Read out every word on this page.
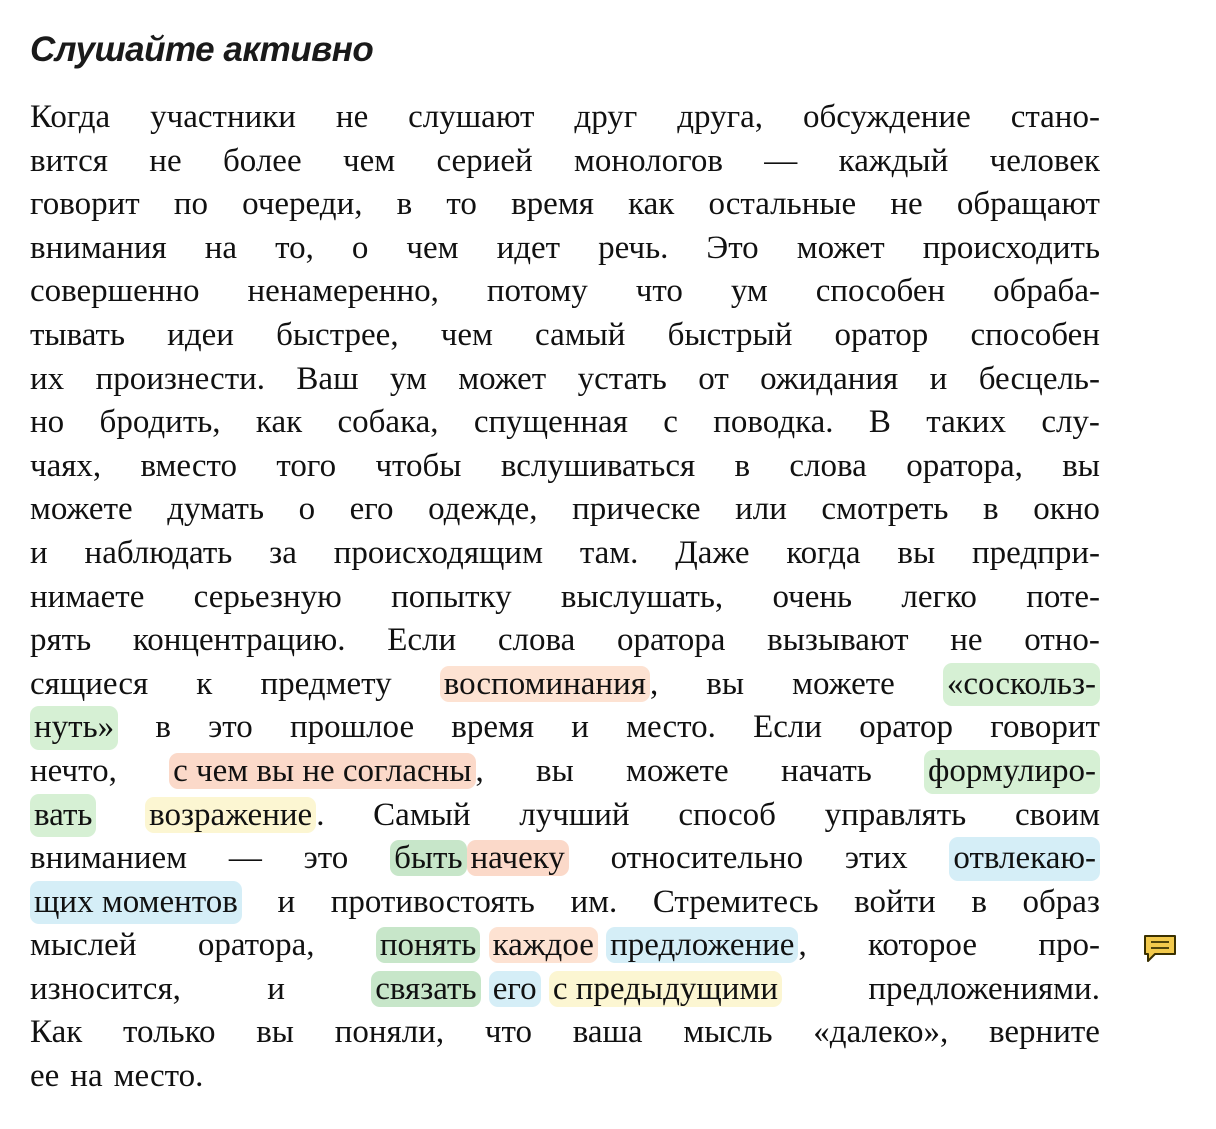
Слушайте активно
Когда участники не слушают друг друга, обсуждение стано-
вится не более чем серией монологов — каждый человек
говорит по очереди, в то время как остальные не обращают
внимания на то, о чем идет речь. Это может происходить
совершенно ненамеренно, потому что ум способен обраба-
тывать идеи быстрее, чем самый быстрый оратор способен
их произнести. Ваш ум может устать от ожидания и бесцель-
но бродить, как собака, спущенная с поводка. В таких слу-
чаях, вместо того чтобы вслушиваться в слова оратора, вы
можете думать о его одежде, прическе или смотреть в окно
и наблюдать за происходящим там. Даже когда вы предпри-
нимаете серьезную попытку выслушать, очень легко поте-
рять концентрацию. Если слова оратора вызывают не отно-
сящиеся к предмету воспоминания , вы можете «соскольз-
нуть» в это прошлое время и место. Если оратор говорит
нечто, с чем вы не согласны , вы можете начать формулиро-
вать возражение . Самый лучший способ управлять своим
вниманием — это быть начеку относительно этих отвлекаю-
щих моментов и противостоять им. Стремитесь войти в образ
мыслей оратора, понять каждое предложение , которое про-
износится,	и	связать его с предыдущими	предложениями.
Как только вы поняли, что ваша мысль «далеко», верните
ее на место.
